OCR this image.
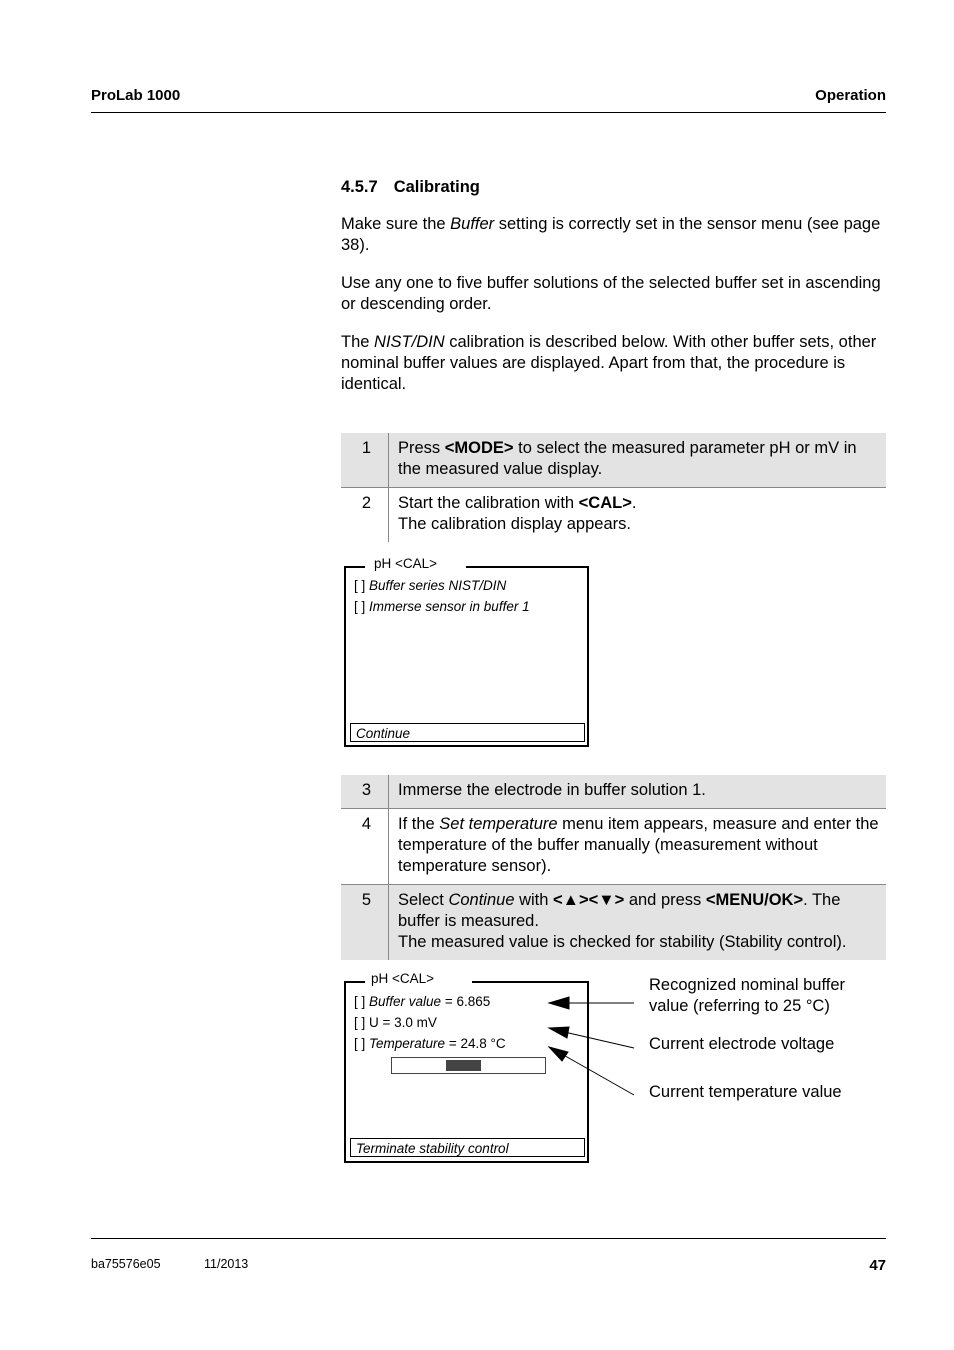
ProLab 1000	Operation
4.5.7 Calibrating
Make sure the Buffer setting is correctly set in the sensor menu (see page 38).
Use any one to five buffer solutions of the selected buffer set in ascending or descending order.
The NIST/DIN calibration is described below. With other buffer sets, other nominal buffer values are displayed. Apart from that, the procedure is identical.
1	Press <MODE> to select the measured parameter pH or mV in the measured value display.
2	Start the calibration with <CAL>.
The calibration display appears.
pH <CAL>
[ ] Buffer series NIST/DIN
[ ] Immerse sensor in buffer 1
Continue
3	Immerse the electrode in buffer solution 1.
4	If the Set temperature menu item appears, measure and enter the temperature of the buffer manually (measurement without temperature sensor).
5	Select Continue with <▲><▼> and press <MENU/OK>. The buffer is measured.
The measured value is checked for stability (Stability control).
pH <CAL>
[ ] Buffer value = 6.865
[ ] U = 3.0 mV
[ ] Temperature = 24.8 °C
Terminate stability control
Recognized nominal buffer value (referring to 25 °C)
Current electrode voltage
Current temperature value
ba75576e05	11/2013	47
